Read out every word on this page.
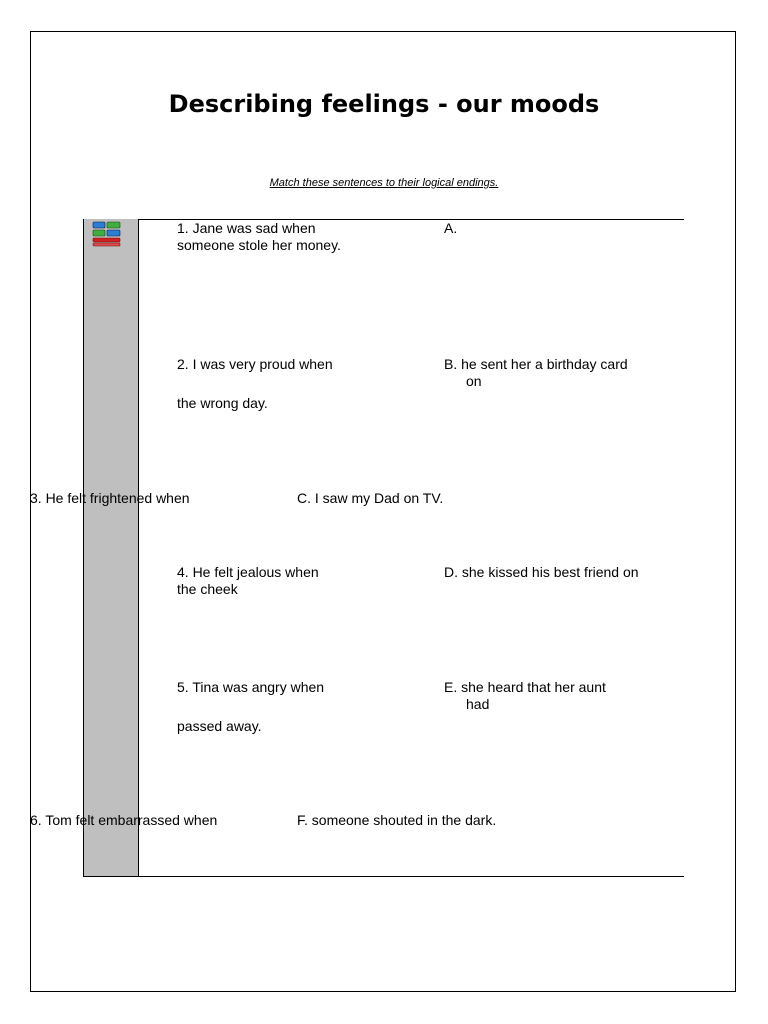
Describing feelings - our moods
Match these sentences to their logical endings.
1. Jane was sad when
someone stole her money.
A.
2. I was very proud when
the wrong day.
B. he sent her a birthday card
on
3. He felt frightened when	C. I saw my Dad on TV.
4. He felt jealous when
the cheek
D. she kissed his best friend on
5. Tina was angry when
passed away.
E. she heard that her aunt
had
6. Tom felt embarrassed when	F. someone shouted in the dark.
